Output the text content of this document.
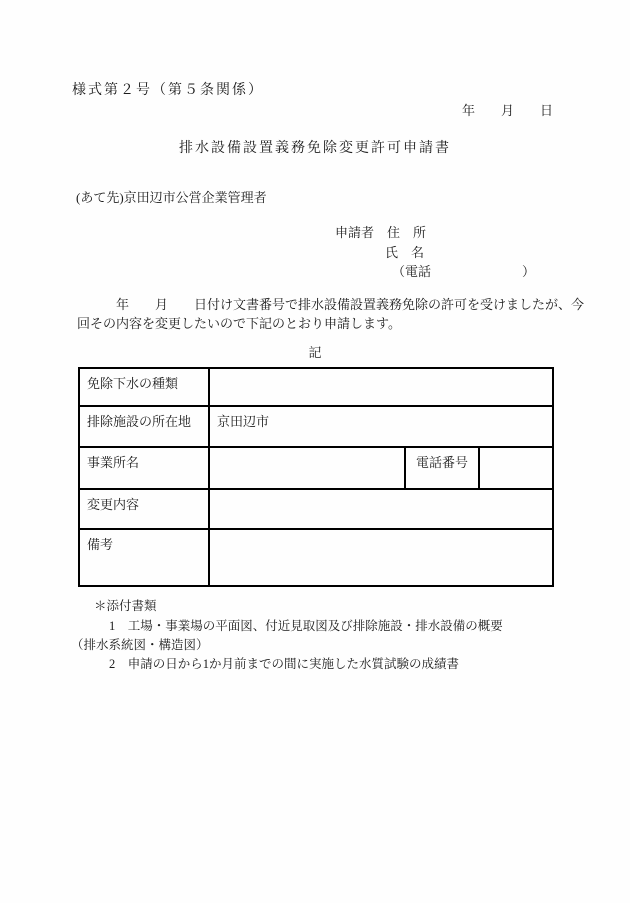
様式第２号（第５条関係）
年　　月　　日
排水設備設置義務免除変更許可申請書
(あて先)京田辺市公営企業管理者
申請者　住　所
氏　名
（電話　　　　　　　）
　　　年　　月　　日付け文書番号で排水設備設置義務免除の許可を受けましたが、今
回その内容を変更したいので下記のとおり申請します。
記
免除下水の種類			
排除施設の所在地	京田辺市		
事業所名		電話番号	
変更内容			
備考			
＊添付書類
1　工場・事業場の平面図、付近見取図及び排除施設・排水設備の概要
（排水系統図・構造図）
2　申請の日から1か月前までの間に実施した水質試験の成績書
